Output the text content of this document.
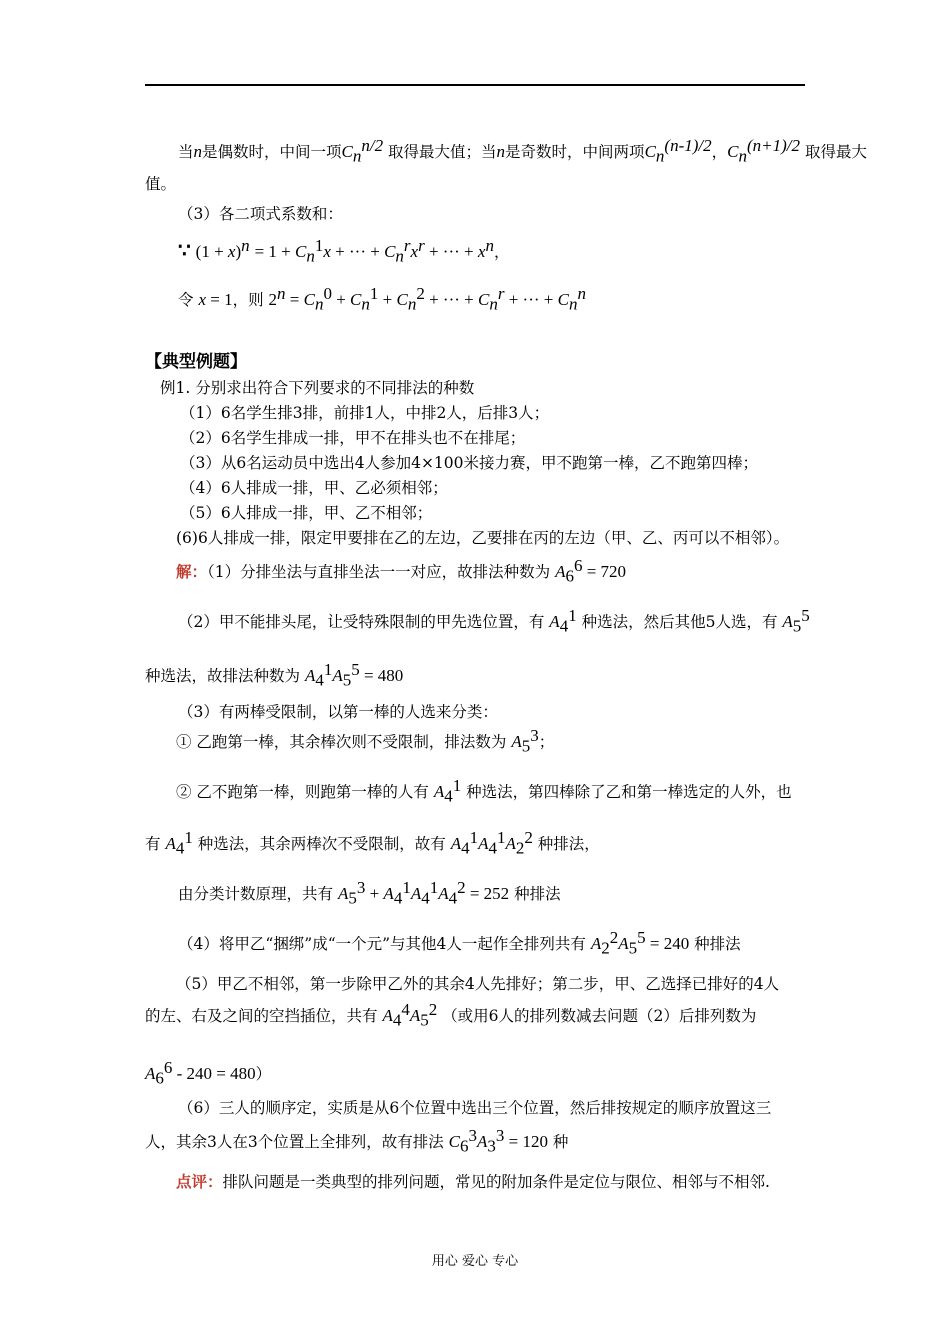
当n是偶数时，中间一项$C_n^{n/2}$ 取得最大值；当n是奇数时，中间两项$C_n^{(n-1)/2}$，$C_n^{(n+1)/2}$ 取得最大
值。
（3）各二项式系数和：
∵ $(1 + x)^n = 1 + C_n^1x$ + ··· + $C_n^rx^r$ + ··· + $x^n$，
令 x = 1，则 $2^n = C_n^0 + C_n^1 + C_n^2$ + ··· + $C_n^r$ + ··· + $C_n^n$
【典型例题】
例1. 分别求出符合下列要求的不同排法的种数
（1）6名学生排3排，前排1人，中排2人，后排3人；
（2）6名学生排成一排，甲不在排头也不在排尾；
（3）从6名运动员中选出4人参加4×100米接力赛，甲不跑第一棒，乙不跑第四棒；
（4）6人排成一排，甲、乙必须相邻；
（5）6人排成一排，甲、乙不相邻；
(6)6人排成一排，限定甲要排在乙的左边，乙要排在丙的左边（甲、乙、丙可以不相邻）。
解：（1）分排坐法与直排坐法一一对应，故排法种数为 $A_6^6 = 720$
（2）甲不能排头尾，让受特殊限制的甲先选位置，有 $A_4^1$ 种选法，然后其他5人选，有 $A_5^5$
种选法，故排法种数为 $A_4^1A_5^5 = 480$
（3）有两棒受限制，以第一棒的人选来分类：
① 乙跑第一棒，其余棒次则不受限制，排法数为 $A_5^3$；
② 乙不跑第一棒，则跑第一棒的人有 $A_4^1$ 种选法，第四棒除了乙和第一棒选定的人外，也
有 $A_4^1$ 种选法，其余两棒次不受限制，故有 $A_4^1A_4^1A_2^2$ 种排法，
由分类计数原理，共有 $A_5^3 + A_4^1A_4^1A_4^2 = 252$ 种排法
（4）将甲乙“捆绑”成“一个元”与其他4人一起作全排列共有 $A_2^2A_5^5 = 240$ 种排法
（5）甲乙不相邻，第一步除甲乙外的其余4人先排好；第二步，甲、乙选择已排好的4人
的左、右及之间的空挡插位，共有 $A_4^4A_5^2$ （或用6人的排列数减去问题（2）后排列数为
$A_6^6 - 240 = 480$）
（6）三人的顺序定，实质是从6个位置中选出三个位置，然后排按规定的顺序放置这三
人，其余3人在3个位置上全排列，故有排法 $C_6^3A_3^3 = 120$ 种
点评：排队问题是一类典型的排列问题，常见的附加条件是定位与限位、相邻与不相邻.
用心 爱心 专心
